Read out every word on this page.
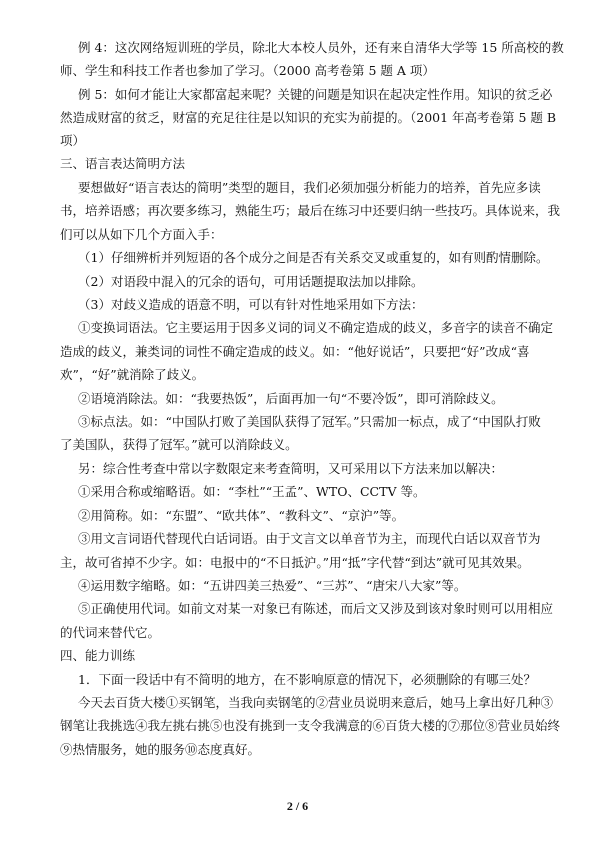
例 4：这次网络短训班的学员，除北大本校人员外，还有来自清华大学等 15 所高校的教
师、学生和科技工作者也参加了学习。（2000 高考卷第 5 题 A 项）
例 5：如何才能让大家都富起来呢？关键的问题是知识在起决定性作用。知识的贫乏必
然造成财富的贫乏，财富的充足往往是以知识的充实为前提的。（2001 年高考卷第 5 题 B
项）
三、语言表达简明方法
要想做好“语言表达的简明”类型的题目，我们必须加强分析能力的培养，首先应多读
书，培养语感；再次要多练习，熟能生巧；最后在练习中还要归纳一些技巧。具体说来，我
们可以从如下几个方面入手：
（1）仔细辨析并列短语的各个成分之间是否有关系交叉或重复的，如有则酌情删除。
（2）对语段中混入的冗余的语句，可用话题提取法加以排除。
（3）对歧义造成的语意不明，可以有针对性地采用如下方法：
①变换词语法。它主要运用于因多义词的词义不确定造成的歧义，多音字的读音不确定
造成的歧义，兼类词的词性不确定造成的歧义。如：“他好说话”，只要把“好”改成“喜
欢”，“好”就消除了歧义。
②语境消除法。如：“我要热饭”，后面再加一句“不要冷饭”，即可消除歧义。
③标点法。如：“中国队打败了美国队获得了冠军。”只需加一标点，成了“中国队打败
了美国队，获得了冠军。”就可以消除歧义。
另：综合性考查中常以字数限定来考查简明，又可采用以下方法来加以解决：
①采用合称或缩略语。如：“李杜”“王孟”、WTO、CCTV 等。
②用简称。如：“东盟”、“欧共体”、“教科文”、“京沪”等。
③用文言词语代替现代白话词语。由于文言文以单音节为主，而现代白话以双音节为
主，故可省掉不少字。如：电报中的“不日抵沪。”用“抵”字代替“到达”就可见其效果。
④运用数字缩略。如：“五讲四美三热爱”、“三苏”、“唐宋八大家”等。
⑤正确使用代词。如前文对某一对象已有陈述，而后文又涉及到该对象时则可以用相应
的代词来替代它。
四、能力训练
1．下面一段话中有不简明的地方，在不影响原意的情况下，必须删除的有哪三处？
今天去百货大楼①买钢笔，当我向卖钢笔的②营业员说明来意后，她马上拿出好几种③
钢笔让我挑选④我左挑右挑⑤也没有挑到一支令我满意的⑥百货大楼的⑦那位⑧营业员始终
⑨热情服务，她的服务⑩态度真好。
2 / 6
